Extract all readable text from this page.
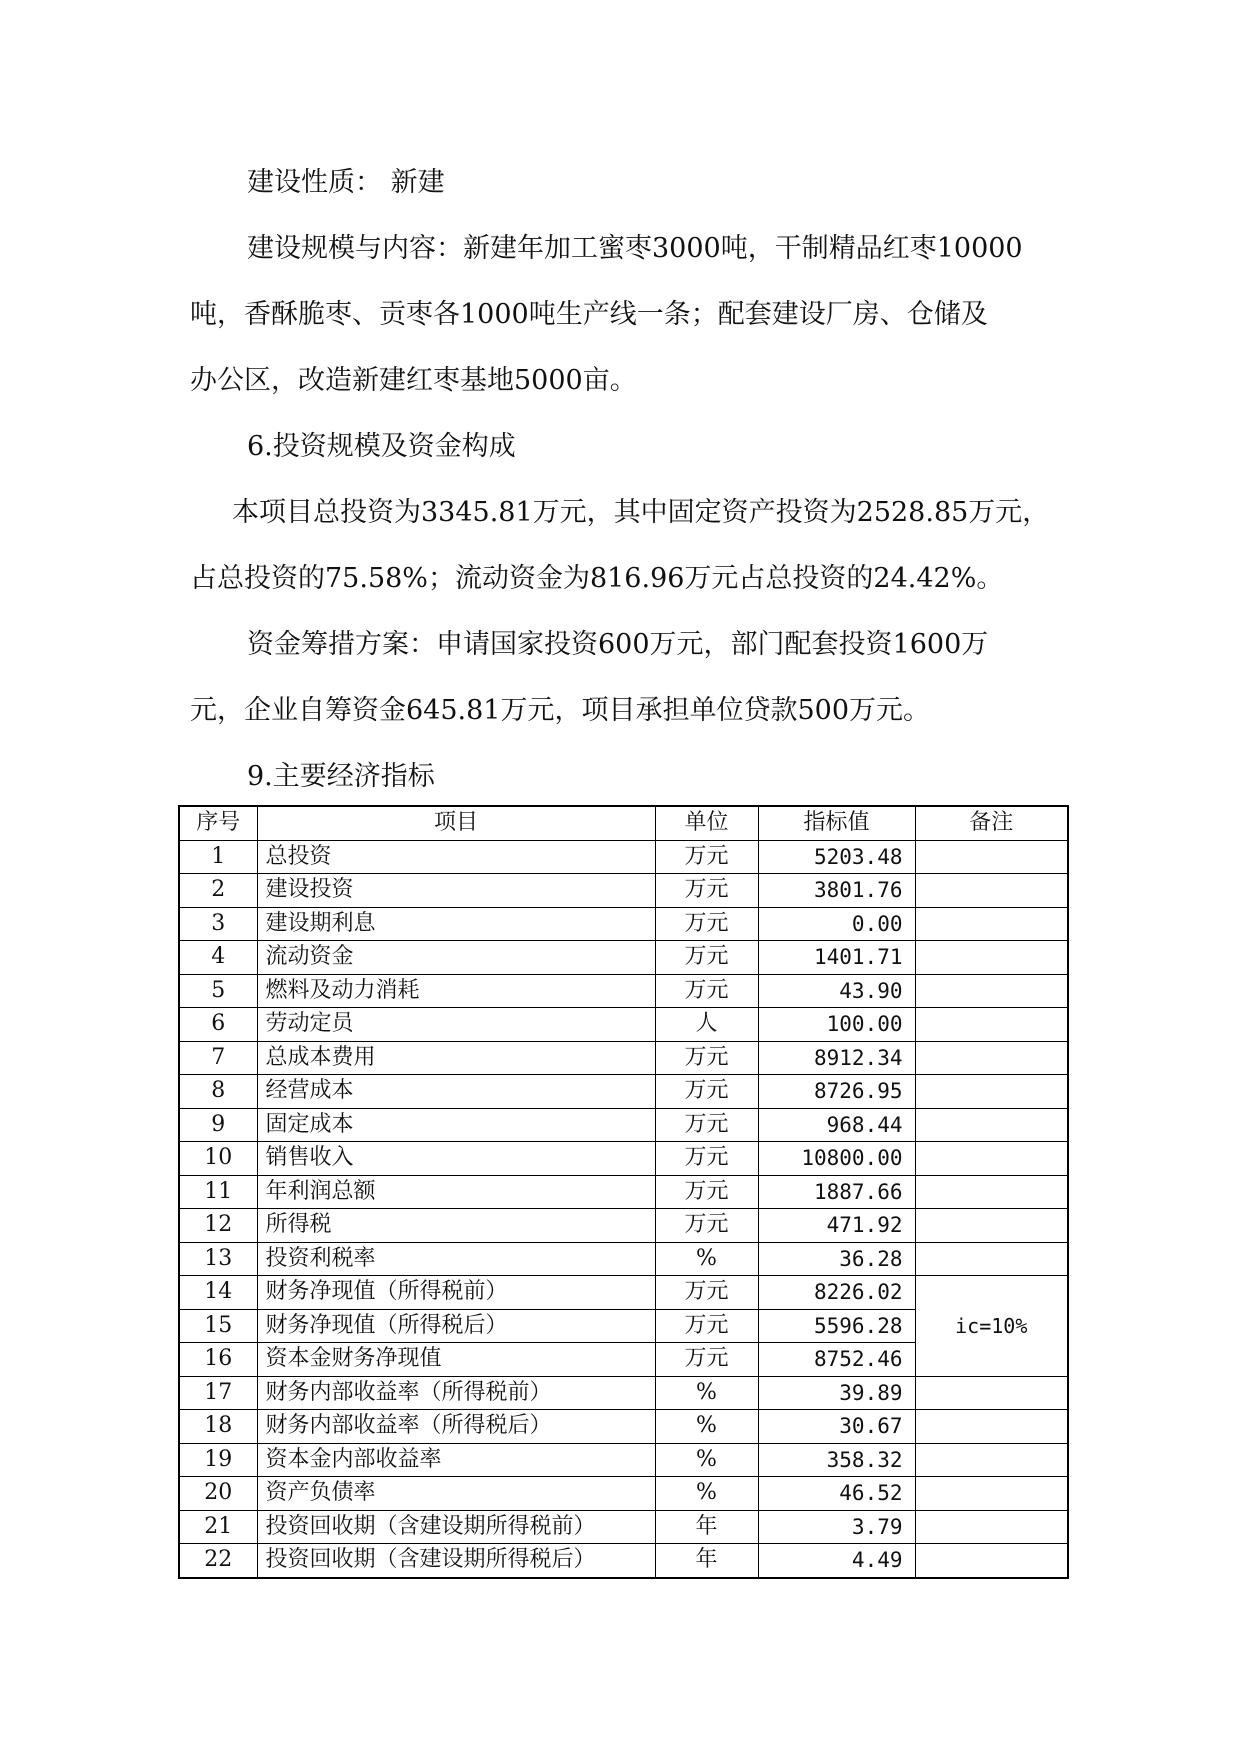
建设性质： 新建
建设规模与内容：新建年加工蜜枣3000吨，干制精品红枣10000
吨，香酥脆枣、贡枣各1000吨生产线一条；配套建设厂房、仓储及
办公区，改造新建红枣基地5000亩。
6.投资规模及资金构成
本项目总投资为3345.81万元，其中固定资产投资为2528.85万元，
占总投资的75.58%；流动资金为816.96万元占总投资的24.42%。
资金筹措方案：申请国家投资600万元，部门配套投资1600万
元，企业自筹资金645.81万元，项目承担单位贷款500万元。
9.主要经济指标
序号	项目	单位	指标值	备注
1	总投资	万元	5203.48	
2	建设投资	万元	3801.76	
3	建设期利息	万元	0.00	
4	流动资金	万元	1401.71	
5	燃料及动力消耗	万元	43.90	
6	劳动定员	人	100.00	
7	总成本费用	万元	8912.34	
8	经营成本	万元	8726.95	
9	固定成本	万元	968.44	
10	销售收入	万元	10800.00	
11	年利润总额	万元	1887.66	
12	所得税	万元	471.92	
13	投资利税率	%	36.28	
14	财务净现值（所得税前）	万元	8226.02	ic=10%
15	财务净现值（所得税后）	万元	5596.28	
16	资本金财务净现值	万元	8752.46	
17	财务内部收益率（所得税前）	%	39.89	
18	财务内部收益率（所得税后）	%	30.67	
19	资本金内部收益率	%	358.32	
20	资产负债率	%	46.52	
21	投资回收期（含建设期所得税前）	年	3.79	
22	投资回收期（含建设期所得税后）	年	4.49	
